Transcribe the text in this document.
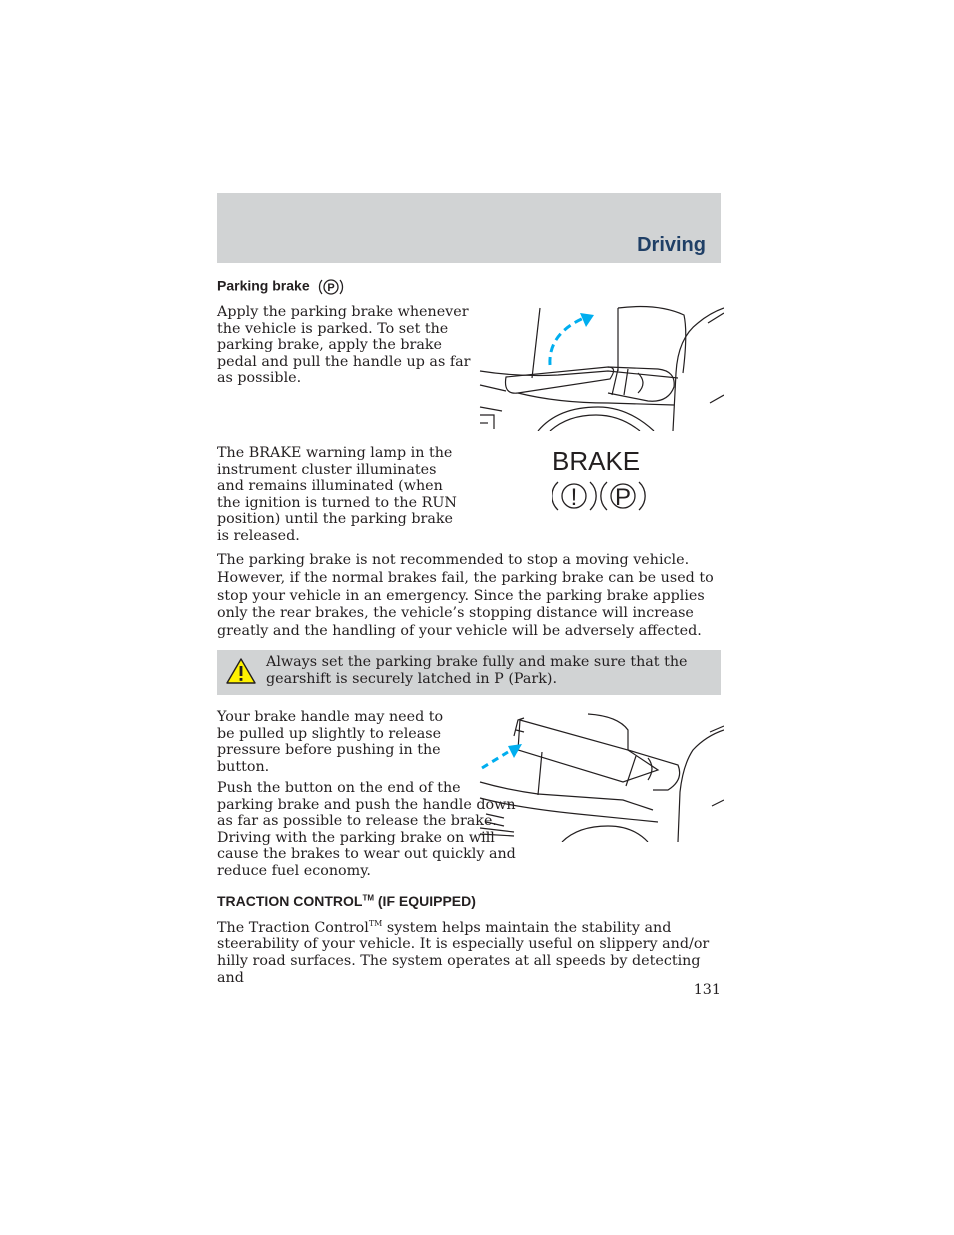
Driving
Parking brake P

Apply the parking brake whenever the vehicle is parked. To set the parking brake, apply the brake pedal and pull the handle up as far as possible.

The BRAKE warning lamp in the instrument cluster illuminates and remains illuminated (when the ignition is turned to the RUN position) until the parking brake is released.

BRAKE
! P

The parking brake is not recommended to stop a moving vehicle. However, if the normal brakes fail, the parking brake can be used to stop your vehicle in an emergency. Since the parking brake applies only the rear brakes, the vehicle’s stopping distance will increase greatly and the handling of your vehicle will be adversely affected.

Always set the parking brake fully and make sure that the gearshift is securely latched in P (Park).

Your brake handle may need to be pulled up slightly to release pressure before pushing in the button.

Push the button on the end of the parking brake and push the handle down as far as possible to release the brake. Driving with the parking brake on will cause the brakes to wear out quickly and reduce fuel economy.

TRACTION CONTROL™ (IF EQUIPPED)

The Traction Control™ system helps maintain the stability and steerability of your vehicle. It is especially useful on slippery and/or hilly road surfaces. The system operates at all speeds by detecting and

131
